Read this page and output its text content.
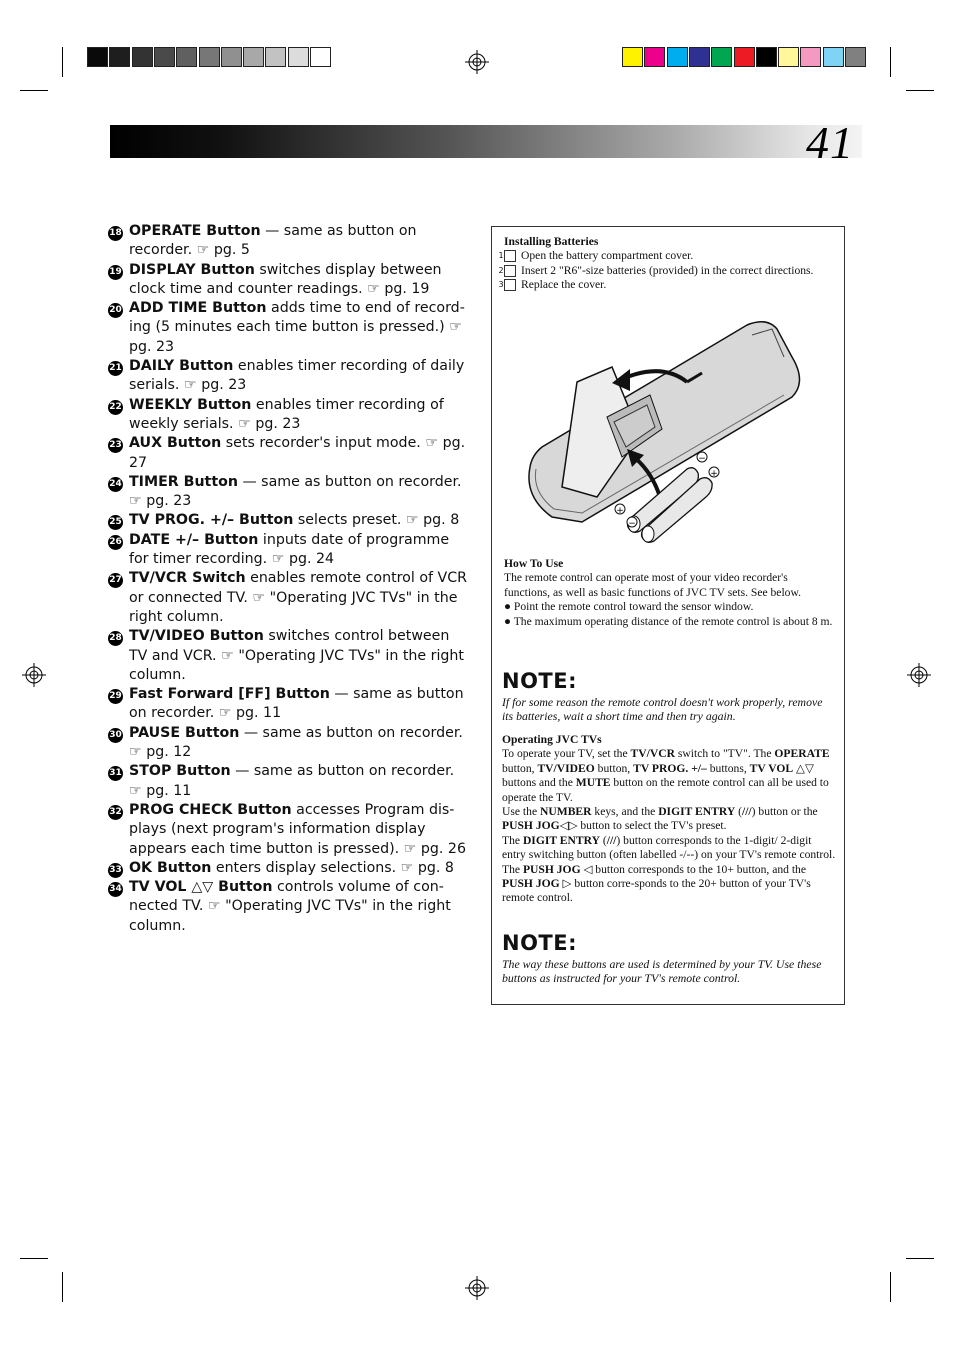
41
18 OPERATE Button — same as button on recorder. ☞ pg. 5
19 DISPLAY Button switches display between clock time and counter readings. ☞ pg. 19
20 ADD TIME Button adds time to end of record-ing (5 minutes each time button is pressed.) ☞ pg. 23
21 DAILY Button enables timer recording of daily serials. ☞ pg. 23
22 WEEKLY Button enables timer recording of weekly serials. ☞ pg. 23
23 AUX Button sets recorder's input mode. ☞ pg. 27
24 TIMER Button — same as button on recorder. ☞ pg. 23
25 TV PROG. +/– Button selects preset. ☞ pg. 8
26 DATE +/– Button inputs date of programme for timer recording. ☞ pg. 24
27 TV/VCR Switch enables remote control of VCR or connected TV. ☞ "Operating JVC TVs" in the right column.
28 TV/VIDEO Button switches control between TV and VCR. ☞ "Operating JVC TVs" in the right column.
29 Fast Forward [FF] Button — same as button on recorder. ☞ pg. 11
30 PAUSE Button — same as button on recorder. ☞ pg. 12
31 STOP Button — same as button on recorder. ☞ pg. 11
32 PROG CHECK Button accesses Program dis-plays (next program's information display appears each time button is pressed). ☞ pg. 26
33 OK Button enters display selections. ☞ pg. 8
34 TV VOL △▽ Button controls volume of con-nected TV. ☞ "Operating JVC TVs" in the right column.
Installing Batteries
1 Open the battery compartment cover.
2 Insert 2 "R6"-size batteries (provided) in the correct directions.
3 Replace the cover.
−
+
+
−
How To Use
The remote control can operate most of your video recorder's functions, as well as basic functions of JVC TV sets. See below.
● Point the remote control toward the sensor window.
● The maximum operating distance of the remote control is about 8 m.
NOTE:
If for some reason the remote control doesn't work properly, remove its batteries, wait a short time and then try again.
Operating JVC TVs
To operate your TV, set the TV/VCR switch to "TV". The OPERATE button, TV/VIDEO button, TV PROG. +/– buttons, TV VOL △▽ buttons and the MUTE button on the remote control can all be used to operate the TV.
Use the NUMBER keys, and the DIGIT ENTRY (///) button or the PUSH JOG◁▷ button to select the TV's preset.
The DIGIT ENTRY (///) button corresponds to the 1-digit/ 2-digit entry switching button (often labelled -/--) on your TV's remote control. The PUSH JOG ◁ button corresponds to the 10+ button, and the PUSH JOG ▷ button corre-sponds to the 20+ button of your TV's remote control.
NOTE:
The way these buttons are used is determined by your TV. Use these buttons as instructed for your TV's remote control.
